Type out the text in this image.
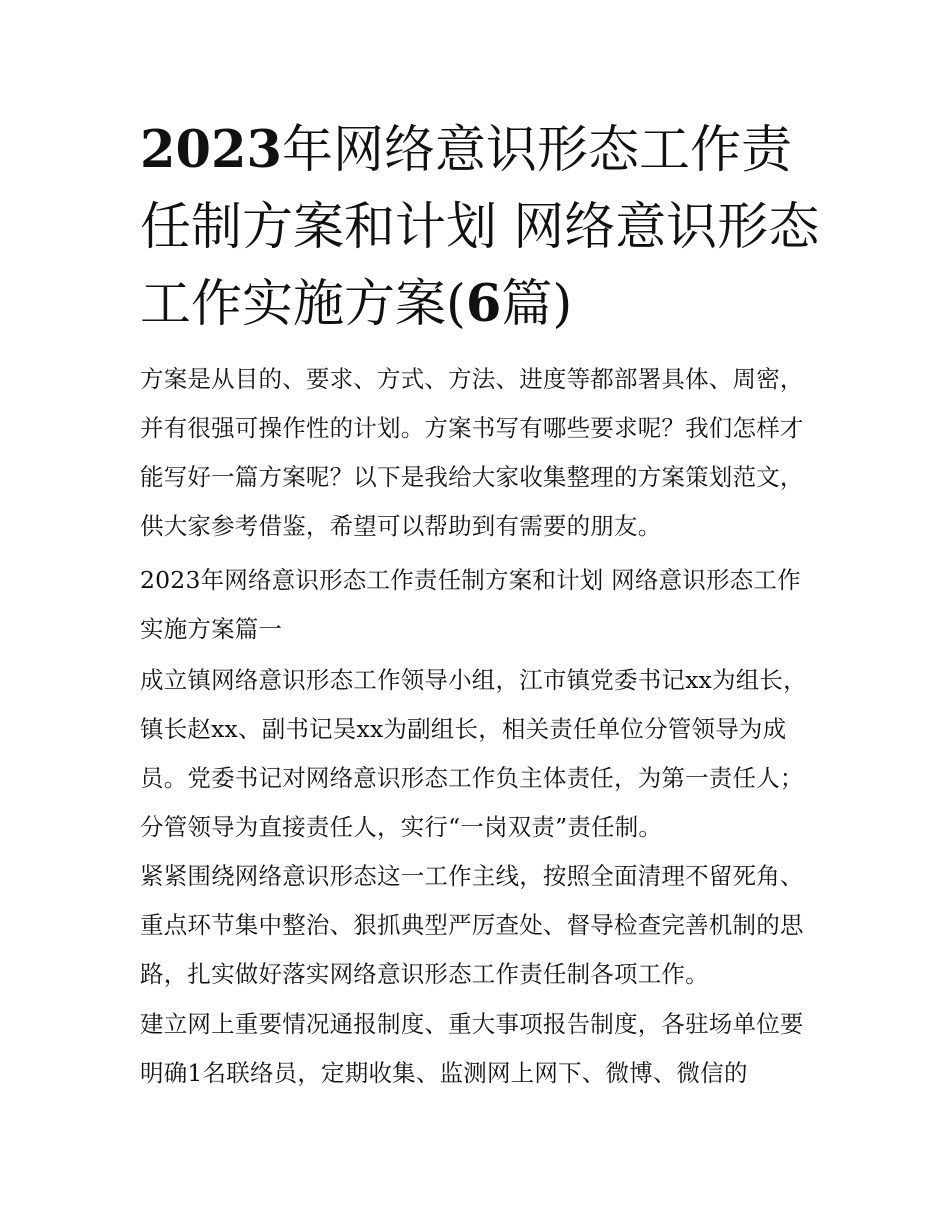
2023年网络意识形态工作责任制方案和计划 网络意识形态工作实施方案(6篇)

方案是从目的、要求、方式、方法、进度等都部署具体、周密，并有很强可操作性的计划。方案书写有哪些要求呢？我们怎样才能写好一篇方案呢？以下是我给大家收集整理的方案策划范文，供大家参考借鉴，希望可以帮助到有需要的朋友。

2023年网络意识形态工作责任制方案和计划 网络意识形态工作实施方案篇一

成立镇网络意识形态工作领导小组，江市镇党委书记xx为组长，镇长赵xx、副书记吴xx为副组长，相关责任单位分管领导为成员。党委书记对网络意识形态工作负主体责任，为第一责任人；分管领导为直接责任人，实行“一岗双责”责任制。

紧紧围绕网络意识形态这一工作主线，按照全面清理不留死角、重点环节集中整治、狠抓典型严厉查处、督导检查完善机制的思路，扎实做好落实网络意识形态工作责任制各项工作。

建立网上重要情况通报制度、重大事项报告制度，各驻场单位要明确1名联络员，定期收集、监测网上网下、微博、微信的
